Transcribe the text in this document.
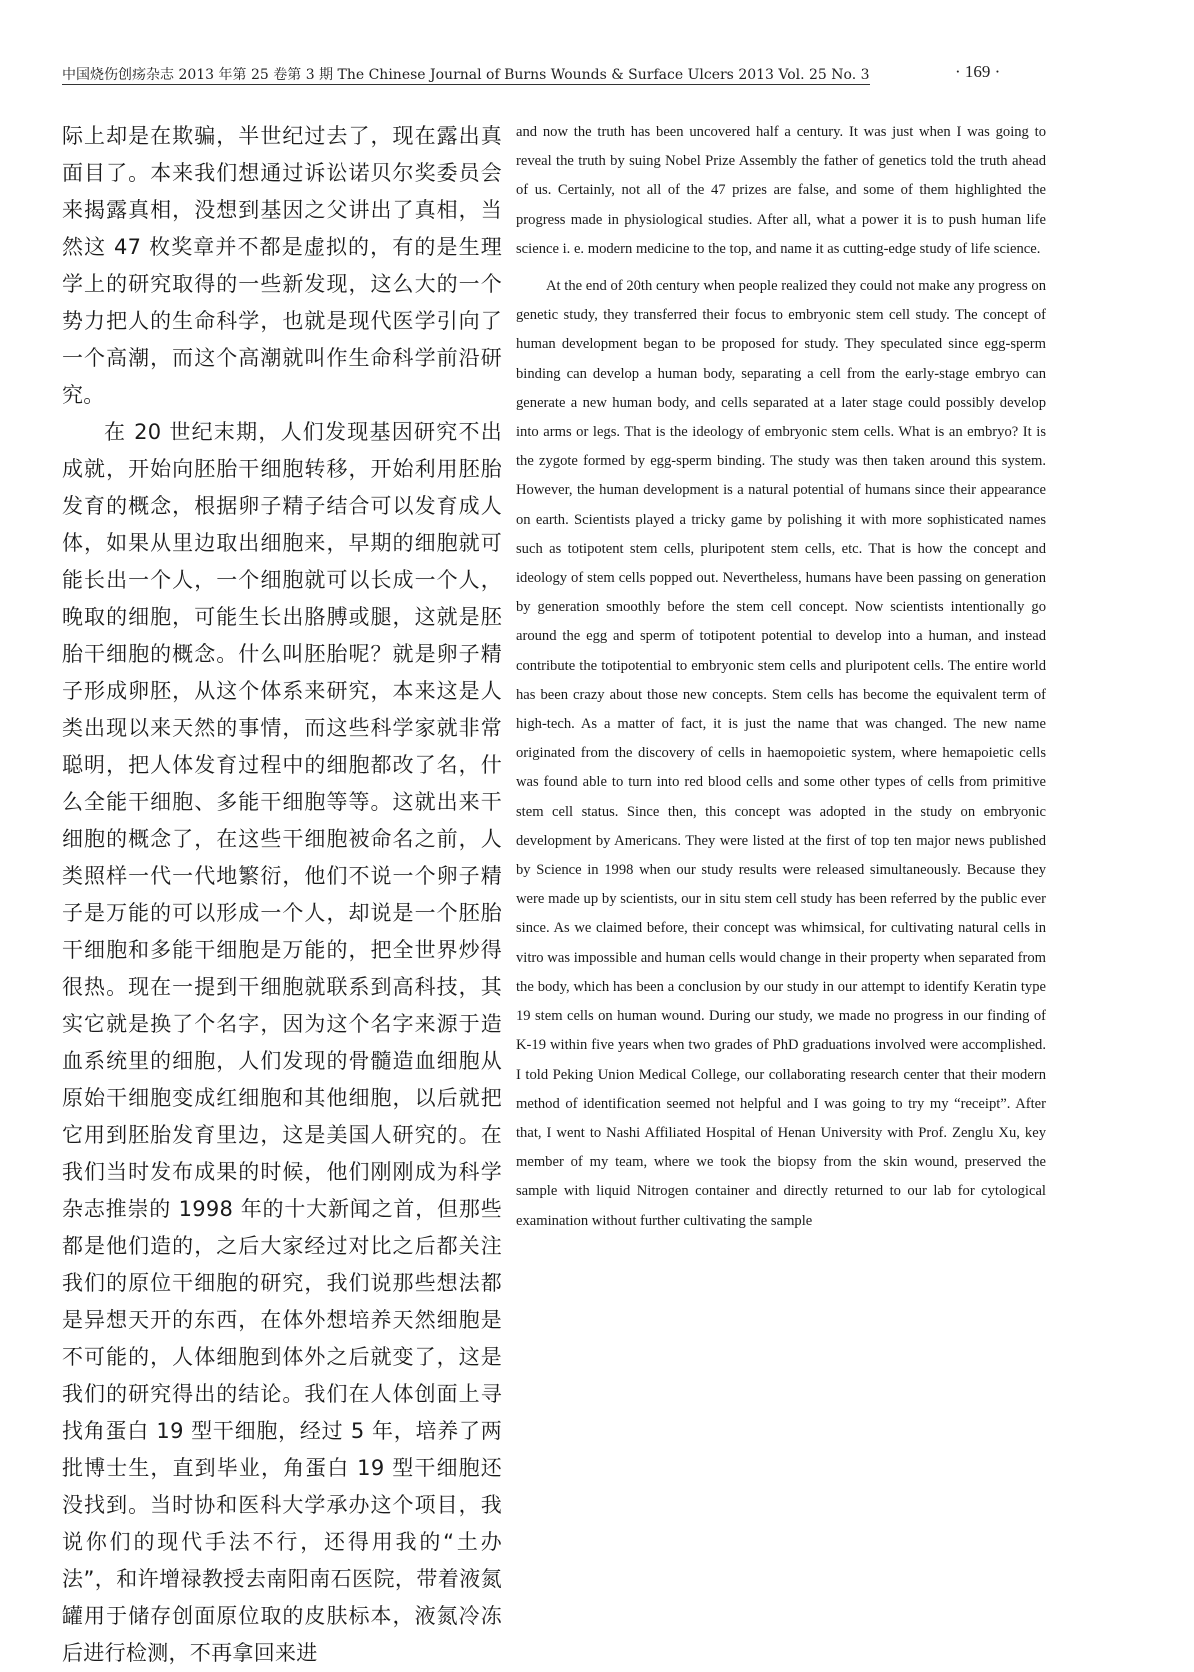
中国烧伤创疡杂志 2013 年第 25 卷第 3 期 The Chinese Journal of Burns Wounds & Surface Ulcers 2013 Vol. 25 No. 3	· 169 ·

际上却是在欺骗，半世纪过去了，现在露出真面目了。本来我们想通过诉讼诺贝尔奖委员会来揭露真相，没想到基因之父讲出了真相，当然这 47 枚奖章并不都是虚拟的，有的是生理学上的研究取得的一些新发现，这么大的一个势力把人的生命科学，也就是现代医学引向了一个高潮，而这个高潮就叫作生命科学前沿研究。

在 20 世纪末期，人们发现基因研究不出成就，开始向胚胎干细胞转移，开始利用胚胎发育的概念，根据卵子精子结合可以发育成人体，如果从里边取出细胞来，早期的细胞就可能长出一个人，一个细胞就可以长成一个人，晚取的细胞，可能生长出胳膊或腿，这就是胚胎干细胞的概念。什么叫胚胎呢？就是卵子精子形成卵胚，从这个体系来研究，本来这是人类出现以来天然的事情，而这些科学家就非常聪明，把人体发育过程中的细胞都改了名，什么全能干细胞、多能干细胞等等。这就出来干细胞的概念了，在这些干细胞被命名之前，人类照样一代一代地繁衍，他们不说一个卵子精子是万能的可以形成一个人，却说是一个胚胎干细胞和多能干细胞是万能的，把全世界炒得很热。现在一提到干细胞就联系到高科技，其实它就是换了个名字，因为这个名字来源于造血系统里的细胞，人们发现的骨髓造血细胞从原始干细胞变成红细胞和其他细胞，以后就把它用到胚胎发育里边，这是美国人研究的。在我们当时发布成果的时候，他们刚刚成为科学杂志推崇的 1998 年的十大新闻之首，但那些都是他们造的，之后大家经过对比之后都关注我们的原位干细胞的研究，我们说那些想法都是异想天开的东西，在体外想培养天然细胞是不可能的，人体细胞到体外之后就变了，这是我们的研究得出的结论。我们在人体创面上寻找角蛋白 19 型干细胞，经过 5 年，培养了两批博士生，直到毕业，角蛋白 19 型干细胞还没找到。当时协和医科大学承办这个项目，我说你们的现代手法不行，还得用我的“土办法”，和许增禄教授去南阳南石医院，带着液氮罐用于储存创面原位取的皮肤标本，液氮冷冻后进行检测，不再拿回来进

and now the truth has been uncovered half a century. It was just when I was going to reveal the truth by suing Nobel Prize Assembly the father of genetics told the truth ahead of us. Certainly, not all of the 47 prizes are false, and some of them highlighted the progress made in physiological studies. After all, what a power it is to push human life science i. e. modern medicine to the top, and name it as cutting-edge study of life science.

At the end of 20th century when people realized they could not make any progress on genetic study, they transferred their focus to embryonic stem cell study. The concept of human development began to be proposed for study. They speculated since egg-sperm binding can develop a human body, separating a cell from the early-stage embryo can generate a new human body, and cells separated at a later stage could possibly develop into arms or legs. That is the ideology of embryonic stem cells. What is an embryo? It is the zygote formed by egg-sperm binding. The study was then taken around this system. However, the human development is a natural potential of humans since their appearance on earth. Scientists played a tricky game by polishing it with more sophisticated names such as totipotent stem cells, pluripotent stem cells, etc. That is how the concept and ideology of stem cells popped out. Nevertheless, humans have been passing on generation by generation smoothly before the stem cell concept. Now scientists intentionally go around the egg and sperm of totipotent potential to develop into a human, and instead contribute the totipotential to embryonic stem cells and pluripotent cells. The entire world has been crazy about those new concepts. Stem cells has become the equivalent term of high-tech. As a matter of fact, it is just the name that was changed. The new name originated from the discovery of cells in haemopoietic system, where hemapoietic cells was found able to turn into red blood cells and some other types of cells from primitive stem cell status. Since then, this concept was adopted in the study on embryonic development by Americans. They were listed at the first of top ten major news published by Science in 1998 when our study results were released simultaneously. Because they were made up by scientists, our in situ stem cell study has been referred by the public ever since. As we claimed before, their concept was whimsical, for cultivating natural cells in vitro was impossible and human cells would change in their property when separated from the body, which has been a conclusion by our study in our attempt to identify Keratin type 19 stem cells on human wound. During our study, we made no progress in our finding of K-19 within five years when two grades of PhD graduations involved were accomplished. I told Peking Union Medical College, our collaborating research center that their modern method of identification seemed not helpful and I was going to try my “receipt”. After that, I went to Nashi Affiliated Hospital of Henan University with Prof. Zenglu Xu, key member of my team, where we took the biopsy from the skin wound, preserved the sample with liquid Nitrogen container and directly returned to our lab for cytological examination without further cultivating the sample
